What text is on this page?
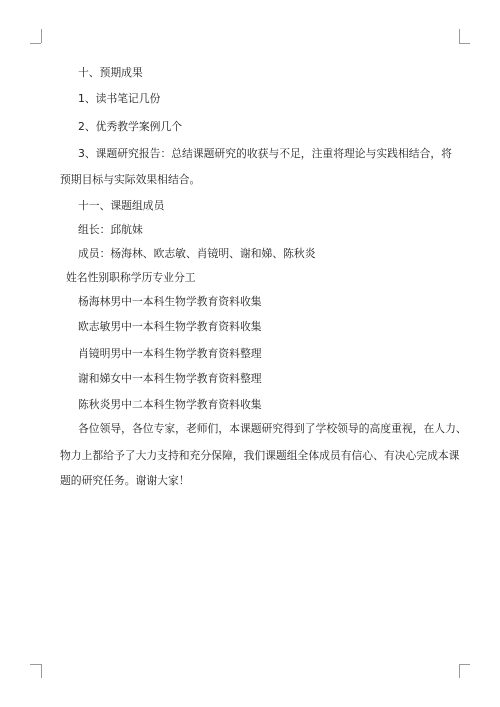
十、预期成果
1、读书笔记几份
2、优秀教学案例几个
3、课题研究报告：总结课题研究的收获与不足，注重将理论与实践相结合，将
预期目标与实际效果相结合。
十一、课题组成员
组长：邱航妹
成员：杨海林、欧志敏、肖镜明、谢和娣、陈秋炎
姓名性别职称学历专业分工
杨海林男中一本科生物学教育资料收集
欧志敏男中一本科生物学教育资料收集
肖镜明男中一本科生物学教育资料整理
谢和娣女中一本科生物学教育资料整理
陈秋炎男中二本科生物学教育资料收集
各位领导，各位专家，老师们，本课题研究得到了学校领导的高度重视，在人力、
物力上都给予了大力支持和充分保障，我们课题组全体成员有信心、有决心完成本课
题的研究任务。谢谢大家！
